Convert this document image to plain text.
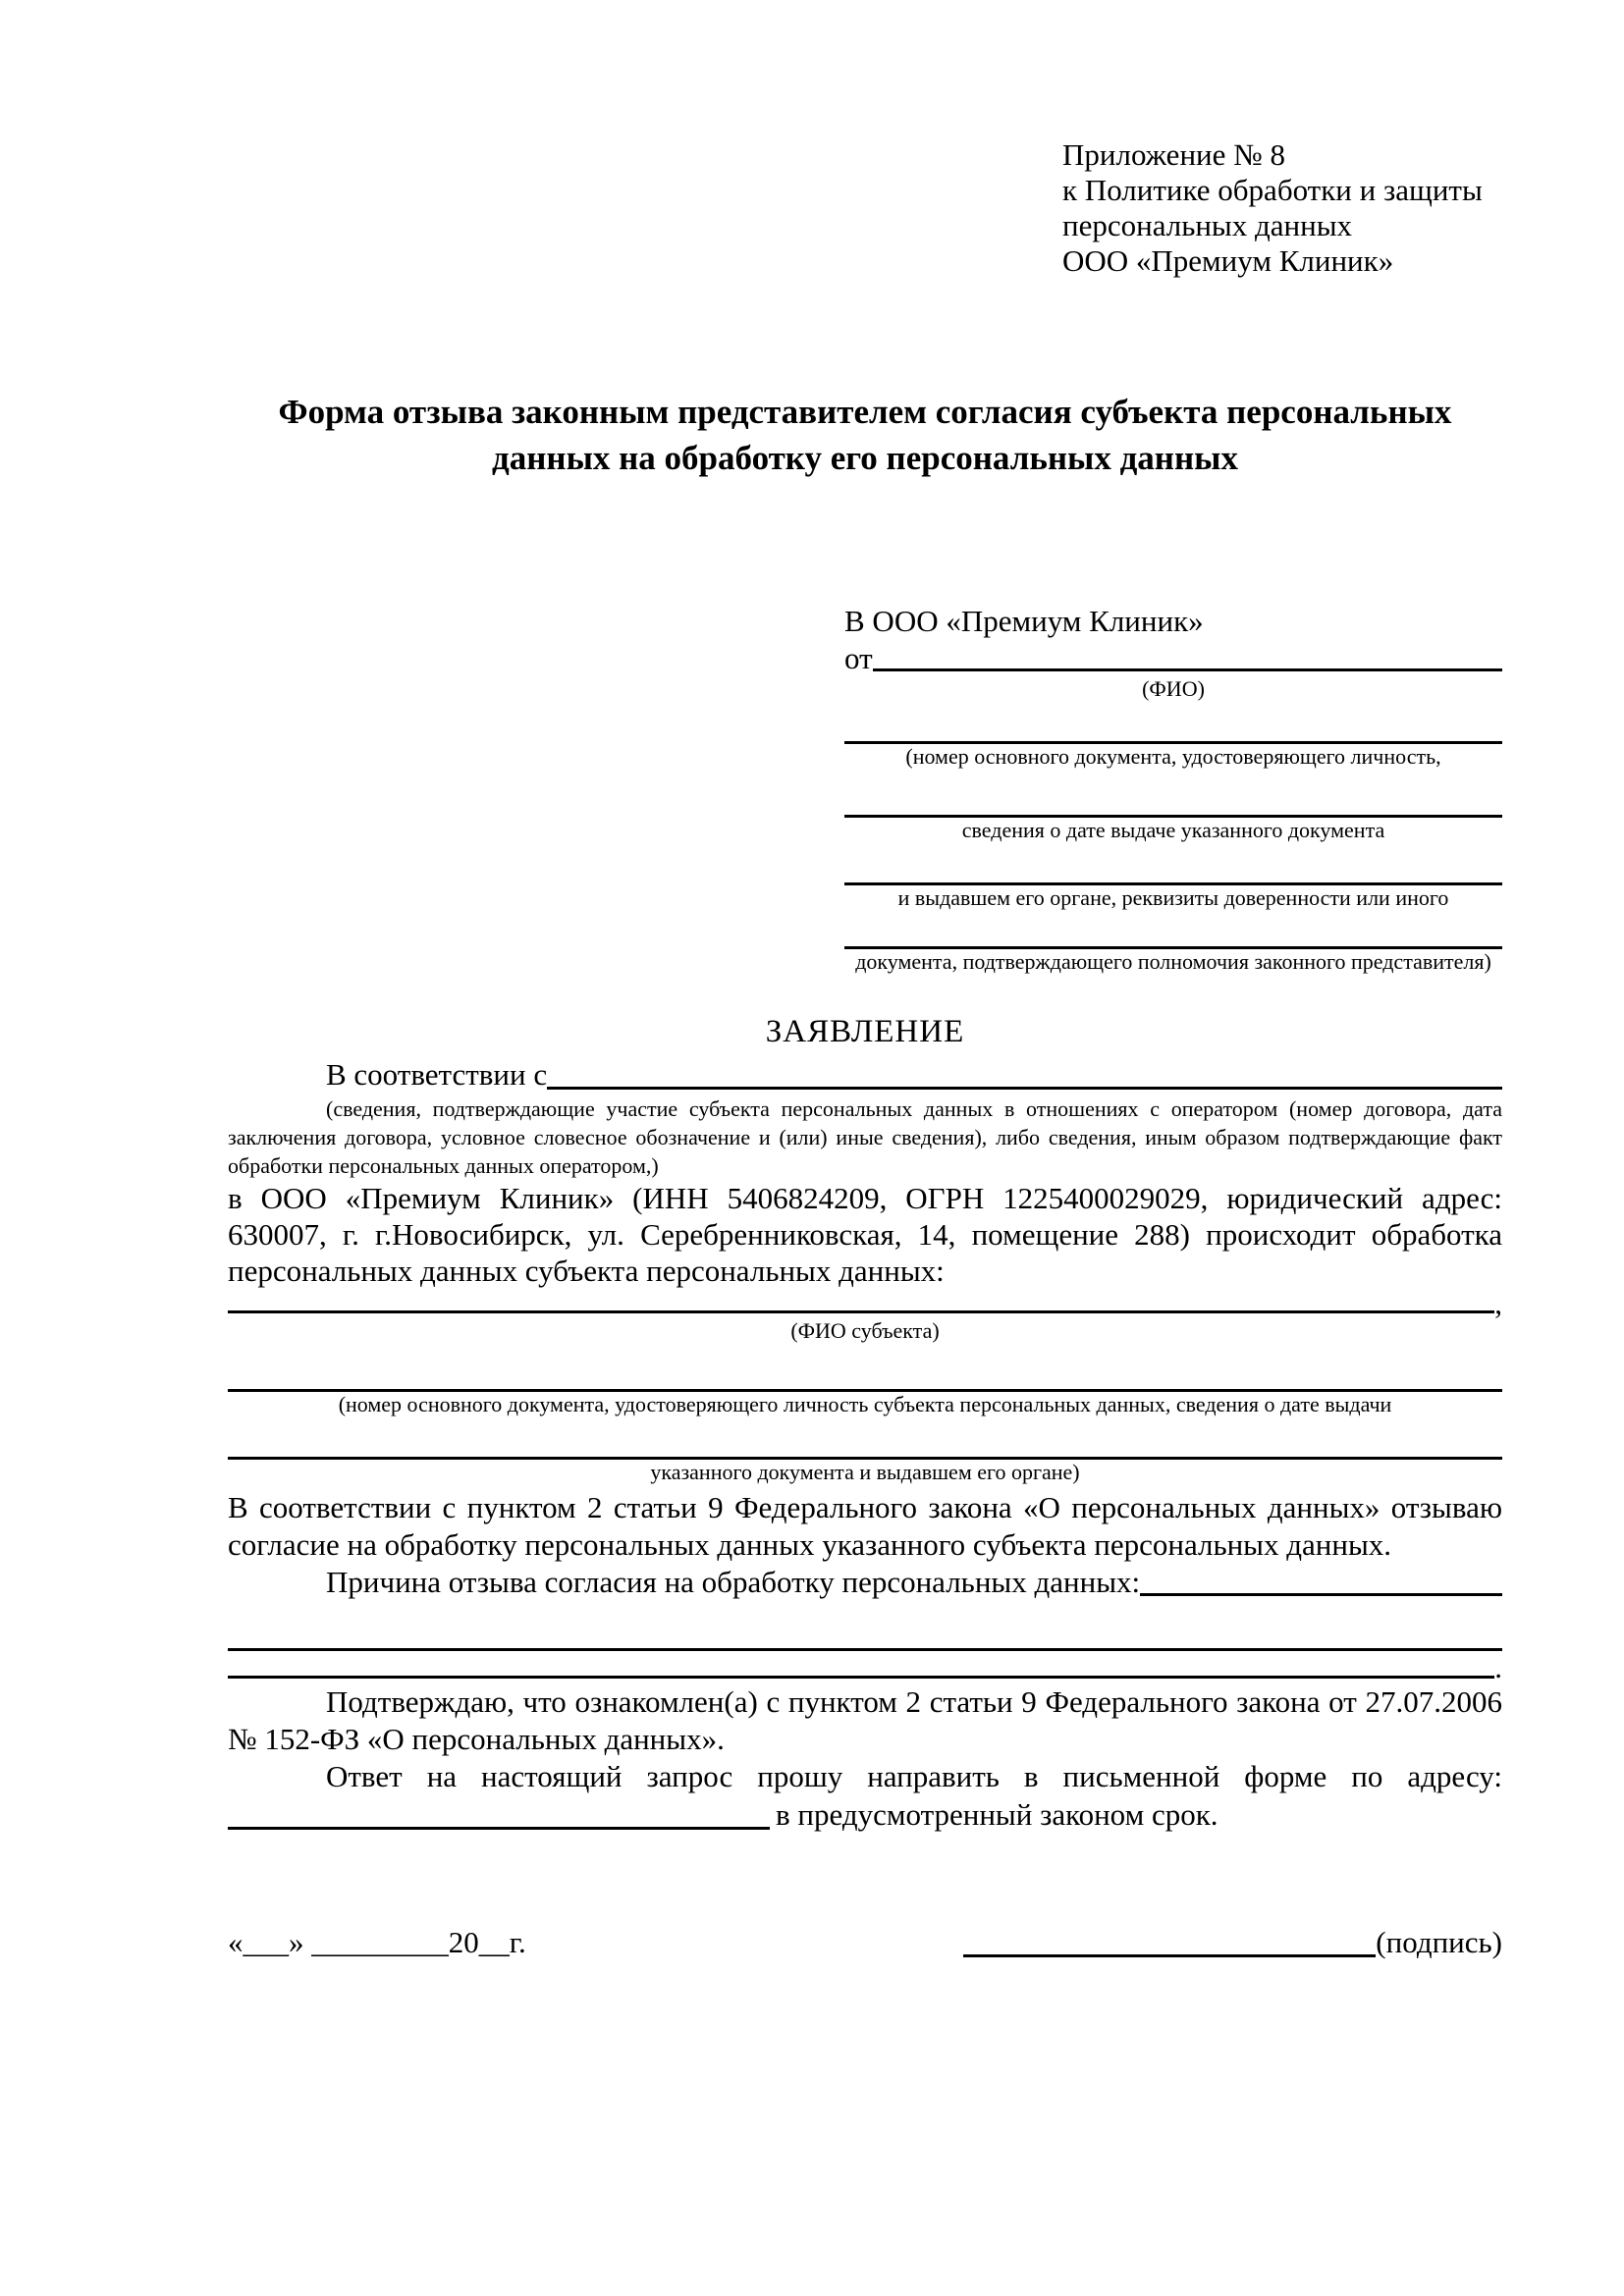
Приложение № 8
к Политике обработки и защиты
персональных данных
ООО «Премиум Клиник»
Форма отзыва законным представителем согласия субъекта персональных данных на обработку его персональных данных
В ООО «Премиум Клиник»
от
(ФИО)
(номер основного документа, удостоверяющего личность,
сведения о дате выдаче указанного документа
и выдавшем его органе, реквизиты доверенности или иного
документа, подтверждающего полномочия законного представителя)
ЗАЯВЛЕНИЕ
В соответствии с

(сведения, подтверждающие участие субъекта персональных данных в отношениях с оператором (номер договора, дата заключения договора, условное словесное обозначение и (или) иные сведения), либо сведения, иным образом подтверждающие факт обработки персональных данных оператором,)

в ООО «Премиум Клиник» (ИНН 5406824209, ОГРН 1225400029029, юридический адрес: 630007, г. г.Новосибирск, ул. Серебренниковская, 14, помещение 288) происходит обработка персональных данных субъекта персональных данных:

,
(ФИО субъекта)
(номер основного документа, удостоверяющего личность субъекта персональных данных, сведения о дате выдачи
указанного документа и выдавшем его органе)

В соответствии с пунктом 2 статьи 9 Федерального закона «О персональных данных» отзываю согласие на обработку персональных данных указанного субъекта персональных данных.

Причина отзыва согласия на обработку персональных данных:
.

Подтверждаю, что ознакомлен(а) с пунктом 2 статьи 9 Федерального закона от 27.07.2006 № 152-ФЗ «О персональных данных».

Ответ на настоящий запрос прошу направить в письменной форме по адресу:

в предусмотренный законом срок.
«___» _________20__г.	(подпись)
